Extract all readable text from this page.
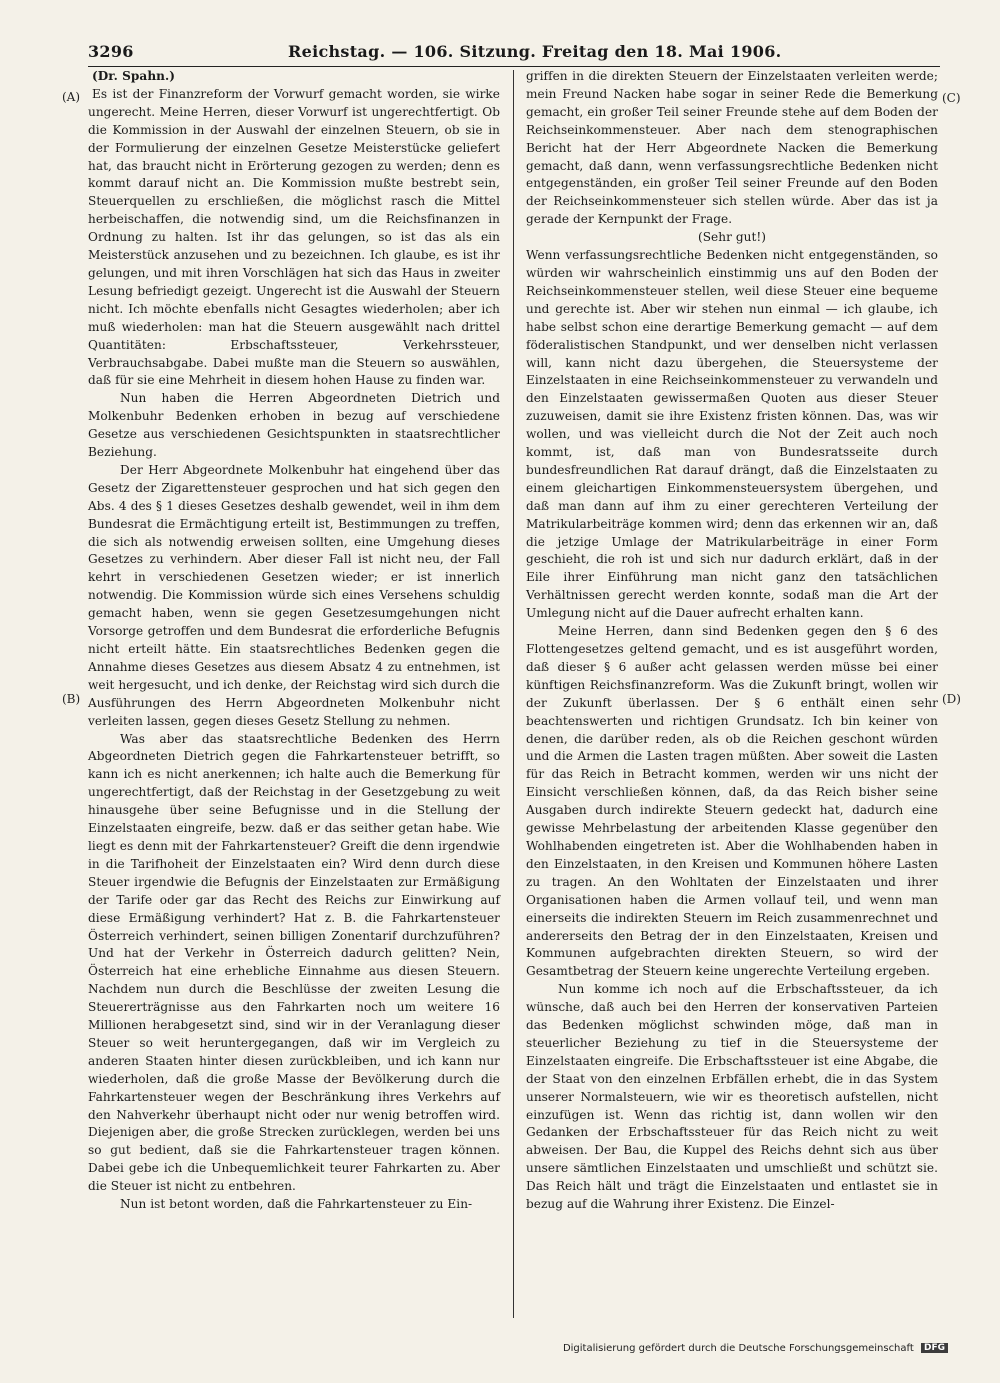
3296	Reichstag. — 106. Sitzung. Freitag den 18. Mai 1906.
(A)
(B)
(C)
(D)

(Dr. Spahn.)

Es ist der Finanzreform der Vorwurf gemacht worden, sie wirke ungerecht. Meine Herren, dieser Vorwurf ist ungerechtfertigt. Ob die Kommission in der Auswahl der einzelnen Steuern, ob sie in der Formulierung der einzelnen Gesetze Meisterstücke geliefert hat, das braucht nicht in Erörterung gezogen zu werden; denn es kommt darauf nicht an. Die Kommission mußte bestrebt sein, Steuerquellen zu erschließen, die möglichst rasch die Mittel herbeischaffen, die notwendig sind, um die Reichsfinanzen in Ordnung zu halten. Ist ihr das gelungen, so ist das als ein Meisterstück anzusehen und zu bezeichnen. Ich glaube, es ist ihr gelungen, und mit ihren Vorschlägen hat sich das Haus in zweiter Lesung befriedigt gezeigt. Ungerecht ist die Auswahl der Steuern nicht. Ich möchte ebenfalls nicht Gesagtes wiederholen; aber ich muß wiederholen: man hat die Steuern ausgewählt nach drittel Quantitäten: Erbschaftssteuer, Verkehrssteuer, Verbrauchsabgabe. Dabei mußte man die Steuern so auswählen, daß für sie eine Mehrheit in diesem hohen Hause zu finden war.

Nun haben die Herren Abgeordneten Dietrich und Molkenbuhr Bedenken erhoben in bezug auf verschiedene Gesetze aus verschiedenen Gesichtspunkten in staatsrechtlicher Beziehung.

Der Herr Abgeordnete Molkenbuhr hat eingehend über das Gesetz der Zigarettensteuer gesprochen und hat sich gegen den Abs. 4 des § 1 dieses Gesetzes deshalb gewendet, weil in ihm dem Bundesrat die Ermächtigung erteilt ist, Bestimmungen zu treffen, die sich als notwendig erweisen sollten, eine Umgehung dieses Gesetzes zu verhindern. Aber dieser Fall ist nicht neu, der Fall kehrt in verschiedenen Gesetzen wieder; er ist innerlich notwendig. Die Kommission würde sich eines Versehens schuldig gemacht haben, wenn sie gegen Gesetzesumgehungen nicht Vorsorge getroffen und dem Bundesrat die erforderliche Befugnis nicht erteilt hätte. Ein staatsrechtliches Bedenken gegen die Annahme dieses Gesetzes aus diesem Absatz 4 zu entnehmen, ist weit hergesucht, und ich denke, der Reichstag wird sich durch die Ausführungen des Herrn Abgeordneten Molkenbuhr nicht verleiten lassen, gegen dieses Gesetz Stellung zu nehmen.

Was aber das staatsrechtliche Bedenken des Herrn Abgeordneten Dietrich gegen die Fahrkartensteuer betrifft, so kann ich es nicht anerkennen; ich halte auch die Bemerkung für ungerechtfertigt, daß der Reichstag in der Gesetzgebung zu weit hinausgehe über seine Befugnisse und in die Stellung der Einzelstaaten eingreife, bezw. daß er das seither getan habe. Wie liegt es denn mit der Fahrkartensteuer? Greift die denn irgendwie in die Tarifhoheit der Einzelstaaten ein? Wird denn durch diese Steuer irgendwie die Befugnis der Einzelstaaten zur Ermäßigung der Tarife oder gar das Recht des Reichs zur Einwirkung auf diese Ermäßigung verhindert? Hat z. B. die Fahrkartensteuer Österreich verhindert, seinen billigen Zonentarif durchzuführen? Und hat der Verkehr in Österreich dadurch gelitten? Nein, Österreich hat eine erhebliche Einnahme aus diesen Steuern. Nachdem nun durch die Beschlüsse der zweiten Lesung die Steuererträgnisse aus den Fahrkarten noch um weitere 16 Millionen herabgesetzt sind, sind wir in der Veranlagung dieser Steuer so weit heruntergegangen, daß wir im Vergleich zu anderen Staaten hinter diesen zurückbleiben, und ich kann nur wiederholen, daß die große Masse der Bevölkerung durch die Fahrkartensteuer wegen der Beschränkung ihres Verkehrs auf den Nahverkehr überhaupt nicht oder nur wenig betroffen wird. Diejenigen aber, die große Strecken zurücklegen, werden bei uns so gut bedient, daß sie die Fahrkartensteuer tragen können. Dabei gebe ich die Unbequemlichkeit teurer Fahrkarten zu. Aber die Steuer ist nicht zu entbehren.

Nun ist betont worden, daß die Fahrkartensteuer zu Ein-

griffen in die direkten Steuern der Einzelstaaten verleiten werde; mein Freund Nacken habe sogar in seiner Rede die Bemerkung gemacht, ein großer Teil seiner Freunde stehe auf dem Boden der Reichseinkommensteuer. Aber nach dem stenographischen Bericht hat der Herr Abgeordnete Nacken die Bemerkung gemacht, daß dann, wenn verfassungsrechtliche Bedenken nicht entgegenständen, ein großer Teil seiner Freunde auf den Boden der Reichseinkommensteuer sich stellen würde. Aber das ist ja gerade der Kernpunkt der Frage.

(Sehr gut!)

Wenn verfassungsrechtliche Bedenken nicht entgegenständen, so würden wir wahrscheinlich einstimmig uns auf den Boden der Reichseinkommensteuer stellen, weil diese Steuer eine bequeme und gerechte ist. Aber wir stehen nun einmal — ich glaube, ich habe selbst schon eine derartige Bemerkung gemacht — auf dem föderalistischen Standpunkt, und wer denselben nicht verlassen will, kann nicht dazu übergehen, die Steuersysteme der Einzelstaaten in eine Reichseinkommensteuer zu verwandeln und den Einzelstaaten gewissermaßen Quoten aus dieser Steuer zuzuweisen, damit sie ihre Existenz fristen können. Das, was wir wollen, und was vielleicht durch die Not der Zeit auch noch kommt, ist, daß man von Bundesratsseite durch bundesfreundlichen Rat darauf drängt, daß die Einzelstaaten zu einem gleichartigen Einkommensteuersystem übergehen, und daß man dann auf ihm zu einer gerechteren Verteilung der Matrikularbeiträge kommen wird; denn das erkennen wir an, daß die jetzige Umlage der Matrikularbeiträge in einer Form geschieht, die roh ist und sich nur dadurch erklärt, daß in der Eile ihrer Einführung man nicht ganz den tatsächlichen Verhältnissen gerecht werden konnte, sodaß man die Art der Umlegung nicht auf die Dauer aufrecht erhalten kann.

Meine Herren, dann sind Bedenken gegen den § 6 des Flottengesetzes geltend gemacht, und es ist ausgeführt worden, daß dieser § 6 außer acht gelassen werden müsse bei einer künftigen Reichsfinanzreform. Was die Zukunft bringt, wollen wir der Zukunft überlassen. Der § 6 enthält einen sehr beachtenswerten und richtigen Grundsatz. Ich bin keiner von denen, die darüber reden, als ob die Reichen geschont würden und die Armen die Lasten tragen müßten. Aber soweit die Lasten für das Reich in Betracht kommen, werden wir uns nicht der Einsicht verschließen können, daß, da das Reich bisher seine Ausgaben durch indirekte Steuern gedeckt hat, dadurch eine gewisse Mehrbelastung der arbeitenden Klasse gegenüber den Wohlhabenden eingetreten ist. Aber die Wohlhabenden haben in den Einzelstaaten, in den Kreisen und Kommunen höhere Lasten zu tragen. An den Wohltaten der Einzelstaaten und ihrer Organisationen haben die Armen vollauf teil, und wenn man einerseits die indirekten Steuern im Reich zusammenrechnet und andererseits den Betrag der in den Einzelstaaten, Kreisen und Kommunen aufgebrachten direkten Steuern, so wird der Gesamtbetrag der Steuern keine ungerechte Verteilung ergeben.

Nun komme ich noch auf die Erbschaftssteuer, da ich wünsche, daß auch bei den Herren der konservativen Parteien das Bedenken möglichst schwinden möge, daß man in steuerlicher Beziehung zu tief in die Steuersysteme der Einzelstaaten eingreife. Die Erbschaftssteuer ist eine Abgabe, die der Staat von den einzelnen Erbfällen erhebt, die in das System unserer Normalsteuern, wie wir es theoretisch aufstellen, nicht einzufügen ist. Wenn das richtig ist, dann wollen wir den Gedanken der Erbschaftssteuer für das Reich nicht zu weit abweisen. Der Bau, die Kuppel des Reichs dehnt sich aus über unsere sämtlichen Einzelstaaten und umschließt und schützt sie. Das Reich hält und trägt die Einzelstaaten und entlastet sie in bezug auf die Wahrung ihrer Existenz. Die Einzel-

Digitalisierung gefördert durch die Deutsche Forschungsgemeinschaft DFG
